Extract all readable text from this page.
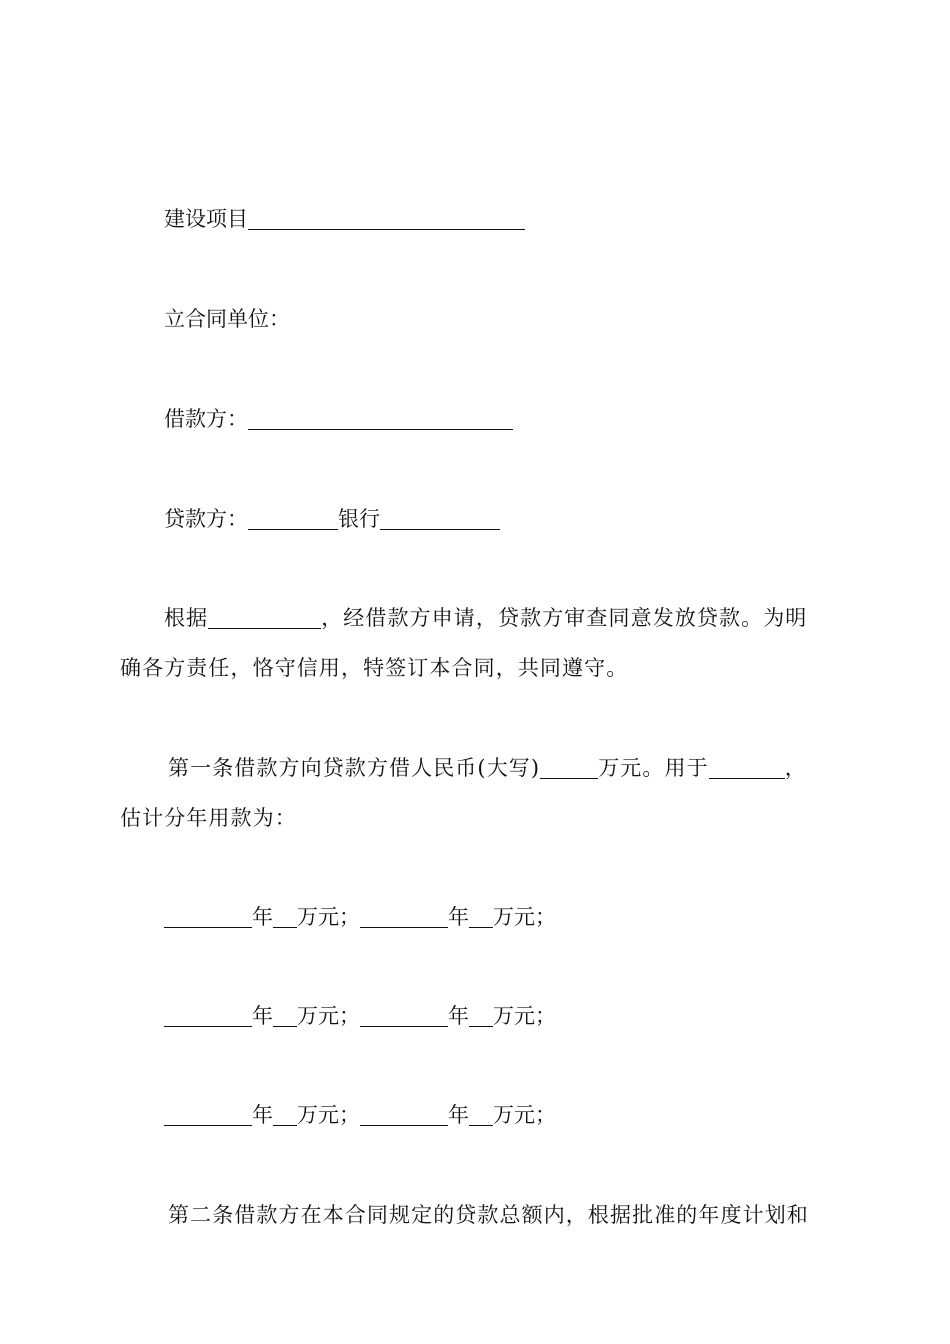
建设项目
立合同单位：
借款方：
贷款方：	银行
根据	，经借款方申请，贷款方审查同意发放贷款。为明
确各方责任，恪守信用，特签订本合同，共同遵守。
第一条借款方向贷款方借人民币(大写)	万元。用于	，
估计分年用款为：
年 万元；	年 万元；
年 万元；	年 万元；
年 万元；	年 万元；
第二条借款方在本合同规定的贷款总额内，根据批准的年度计划和
